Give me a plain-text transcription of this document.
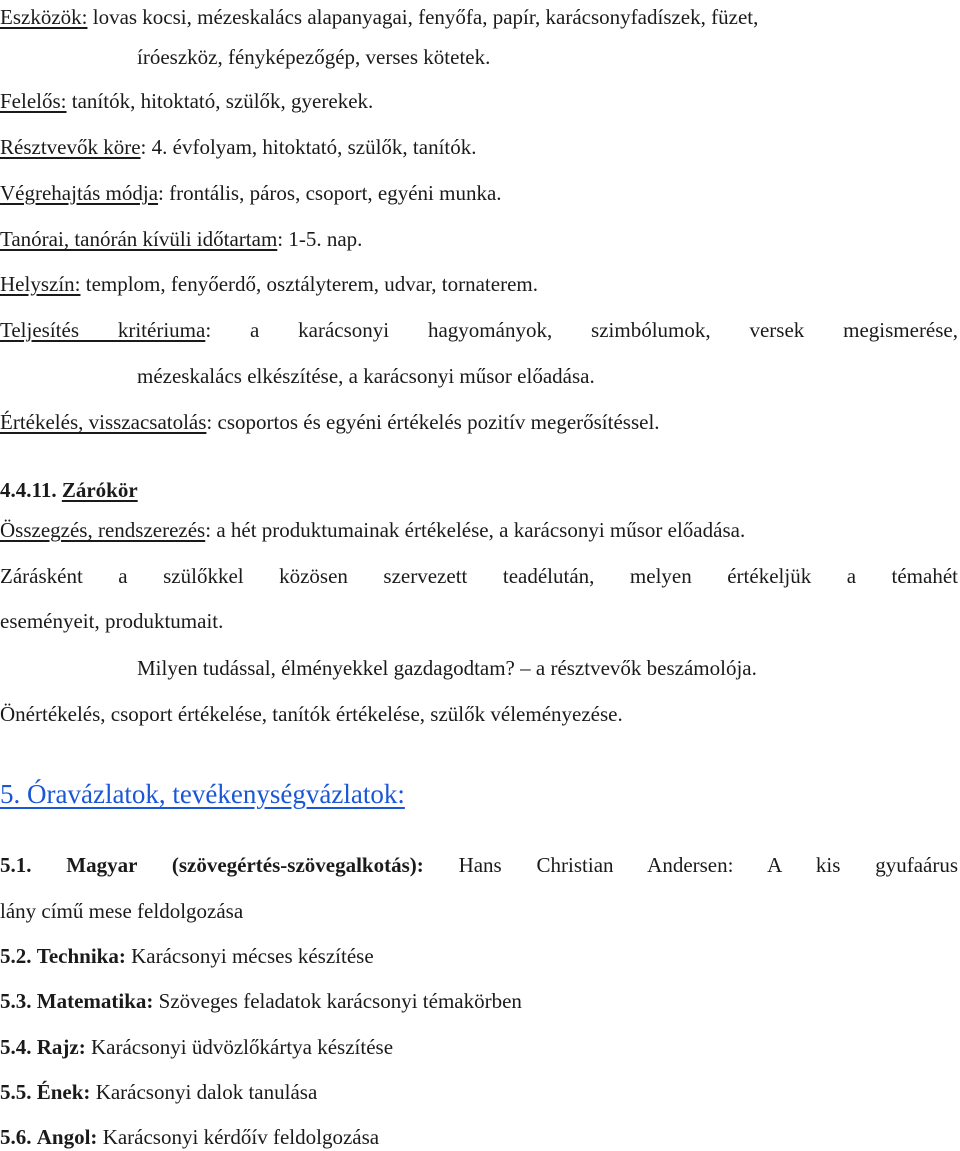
Eszközök: lovas kocsi, mézeskalács alapanyagai, fenyőfa, papír, karácsonyfadíszek, füzet,
íróeszköz, fényképezőgép, verses kötetek.
Felelős: tanítók, hitoktató, szülők, gyerekek.
Résztvevők köre: 4. évfolyam, hitoktató, szülők, tanítók.
Végrehajtás módja: frontális, páros, csoport, egyéni munka.
Tanórai, tanórán kívüli időtartam: 1-5. nap.
Helyszín: templom, fenyőerdő, osztályterem, udvar, tornaterem.
Teljesítés kritériuma: a karácsonyi hagyományok, szimbólumok, versek megismerése,
mézeskalács elkészítése, a karácsonyi műsor előadása.
Értékelés, visszacsatolás: csoportos és egyéni értékelés pozitív megerősítéssel.
4.4.11. Zárókör
Összegzés, rendszerezés: a hét produktumainak értékelése, a karácsonyi műsor előadása.
Zárásként a szülőkkel közösen szervezett teadélután, melyen értékeljük a témahét
eseményeit, produktumait.
Milyen tudással, élményekkel gazdagodtam? – a résztvevők beszámolója.
Önértékelés, csoport értékelése, tanítók értékelése, szülők véleményezése.
5. Óravázlatok, tevékenységvázlatok:
5.1. Magyar (szövegértés-szövegalkotás): Hans Christian Andersen: A kis gyufaárus
lány című mese feldolgozása
5.2. Technika: Karácsonyi mécses készítése
5.3. Matematika: Szöveges feladatok karácsonyi témakörben
5.4. Rajz: Karácsonyi üdvözlőkártya készítése
5.5. Ének: Karácsonyi dalok tanulása
5.6. Angol: Karácsonyi kérdőív feldolgozása
